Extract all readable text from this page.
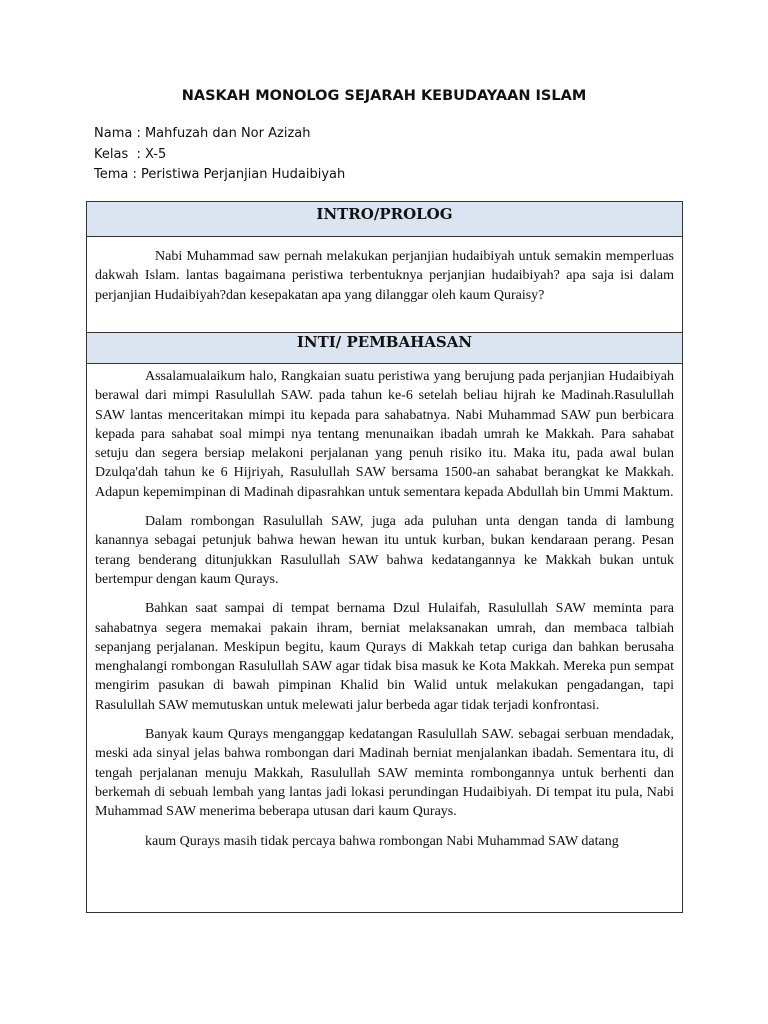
NASKAH MONOLOG SEJARAH KEBUDAYAAN ISLAM
Nama : Mahfuzah dan Nor Azizah
Kelas  : X-5
Tema : Peristiwa Perjanjian Hudaibiyah
INTRO/PROLOG

Nabi Muhammad saw pernah melakukan perjanjian hudaibiyah untuk semakin memperluas dakwah Islam. lantas bagaimana peristiwa terbentuknya perjanjian hudaibiyah? apa saja isi dalam perjanjian Hudaibiyah?dan kesepakatan apa yang dilanggar oleh kaum Quraisy?

INTI/ PEMBAHASAN

Assalamualaikum halo, Rangkaian suatu peristiwa yang berujung pada perjanjian Hudaibiyah berawal dari mimpi Rasulullah SAW. pada tahun ke-6 setelah beliau hijrah ke Madinah.Rasulullah SAW lantas menceritakan mimpi itu kepada para sahabatnya. Nabi Muhammad SAW pun berbicara kepada para sahabat soal mimpi nya tentang menunaikan ibadah umrah ke Makkah. Para sahabat setuju dan segera bersiap melakoni perjalanan yang penuh risiko itu. Maka itu, pada awal bulan Dzulqa'dah tahun ke 6 Hijriyah, Rasulullah SAW bersama 1500-an sahabat berangkat ke Makkah. Adapun kepemimpinan di Madinah dipasrahkan untuk sementara kepada Abdullah bin Ummi Maktum.

Dalam rombongan Rasulullah SAW, juga ada puluhan unta dengan tanda di lambung kanannya sebagai petunjuk bahwa hewan hewan itu untuk kurban, bukan kendaraan perang. Pesan terang benderang ditunjukkan Rasulullah SAW bahwa kedatangannya ke Makkah bukan untuk bertempur dengan kaum Qurays.

Bahkan saat sampai di tempat bernama Dzul Hulaifah, Rasulullah SAW meminta para sahabatnya segera memakai pakain ihram, berniat melaksanakan umrah, dan membaca talbiah sepanjang perjalanan. Meskipun begitu, kaum Qurays di Makkah tetap curiga dan bahkan berusaha menghalangi rombongan Rasulullah SAW agar tidak bisa masuk ke Kota Makkah. Mereka pun sempat mengirim pasukan di bawah pimpinan Khalid bin Walid untuk melakukan pengadangan, tapi Rasulullah SAW memutuskan untuk melewati jalur berbeda agar tidak terjadi konfrontasi.

Banyak kaum Qurays menganggap kedatangan Rasulullah SAW. sebagai serbuan mendadak, meski ada sinyal jelas bahwa rombongan dari Madinah berniat menjalankan ibadah. Sementara itu, di tengah perjalanan menuju Makkah, Rasulullah SAW meminta rombongannya untuk berhenti dan berkemah di sebuah lembah yang lantas jadi lokasi perundingan Hudaibiyah. Di tempat itu pula, Nabi Muhammad SAW menerima beberapa utusan dari kaum Qurays.

kaum Qurays masih tidak percaya bahwa rombongan Nabi Muhammad SAW datang
